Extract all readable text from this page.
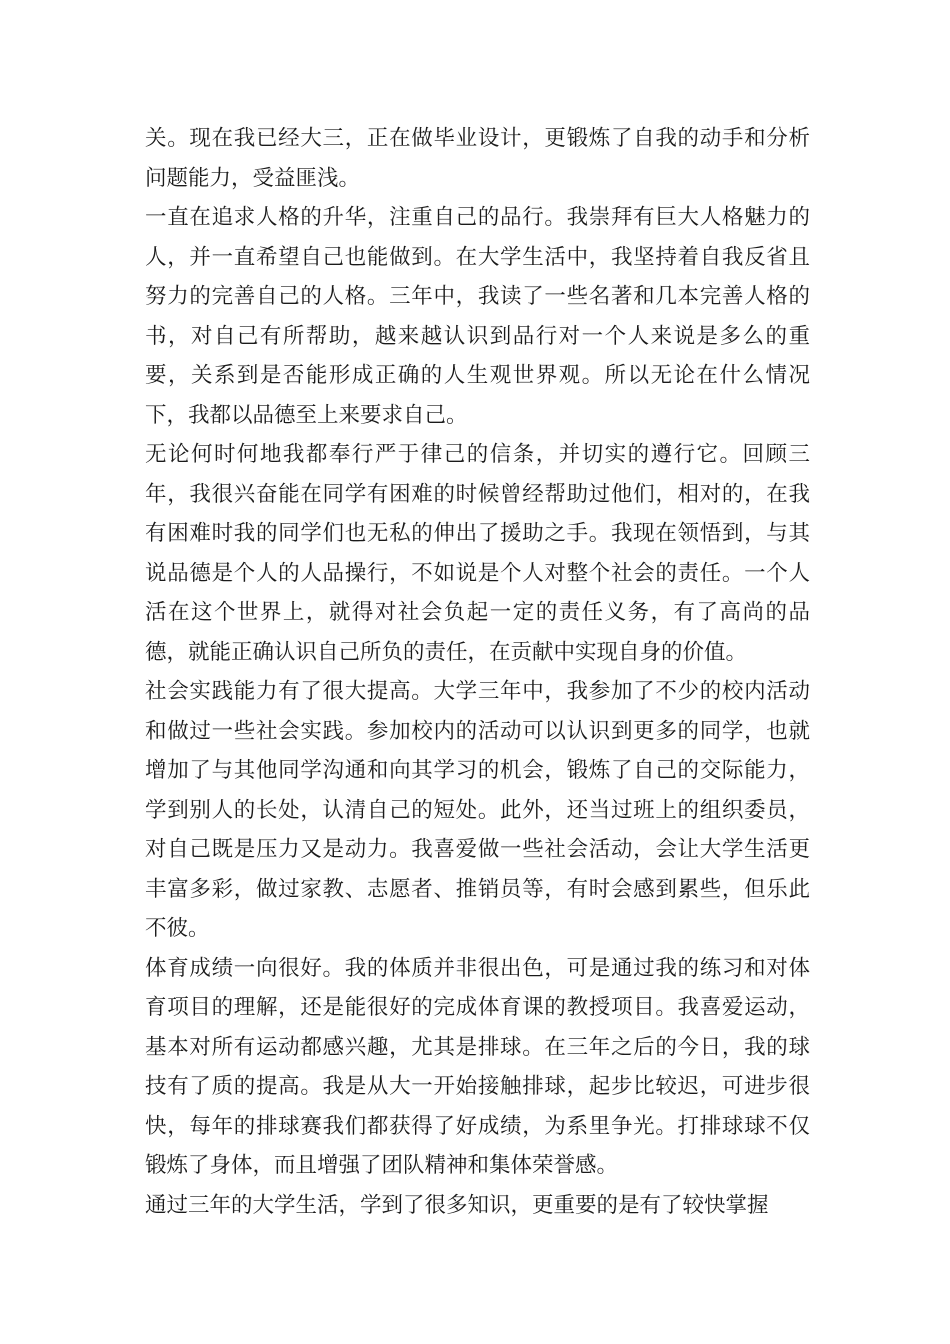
关。现在我已经大三，正在做毕业设计，更锻炼了自我的动手和分析问题能力，受益匪浅。

一直在追求人格的升华，注重自己的品行。我崇拜有巨大人格魅力的人，并一直希望自己也能做到。在大学生活中，我坚持着自我反省且努力的完善自己的人格。三年中，我读了一些名著和几本完善人格的书，对自己有所帮助，越来越认识到品行对一个人来说是多么的重要，关系到是否能形成正确的人生观世界观。所以无论在什么情况下，我都以品德至上来要求自己。

无论何时何地我都奉行严于律己的信条，并切实的遵行它。回顾三年，我很兴奋能在同学有困难的时候曾经帮助过他们，相对的，在我有困难时我的同学们也无私的伸出了援助之手。我现在领悟到，与其说品德是个人的人品操行，不如说是个人对整个社会的责任。一个人活在这个世界上，就得对社会负起一定的责任义务，有了高尚的品德，就能正确认识自己所负的责任，在贡献中实现自身的价值。

社会实践能力有了很大提高。大学三年中，我参加了不少的校内活动和做过一些社会实践。参加校内的活动可以认识到更多的同学，也就增加了与其他同学沟通和向其学习的机会，锻炼了自己的交际能力，学到别人的长处，认清自己的短处。此外，还当过班上的组织委员，对自己既是压力又是动力。我喜爱做一些社会活动，会让大学生活更丰富多彩，做过家教、志愿者、推销员等，有时会感到累些，但乐此不彼。

体育成绩一向很好。我的体质并非很出色，可是通过我的练习和对体育项目的理解，还是能很好的完成体育课的教授项目。我喜爱运动，基本对所有运动都感兴趣，尤其是排球。在三年之后的今日，我的球技有了质的提高。我是从大一开始接触排球，起步比较迟，可进步很快，每年的排球赛我们都获得了好成绩，为系里争光。打排球球不仅锻炼了身体，而且增强了团队精神和集体荣誉感。

通过三年的大学生活，学到了很多知识，更重要的是有了较快掌握
